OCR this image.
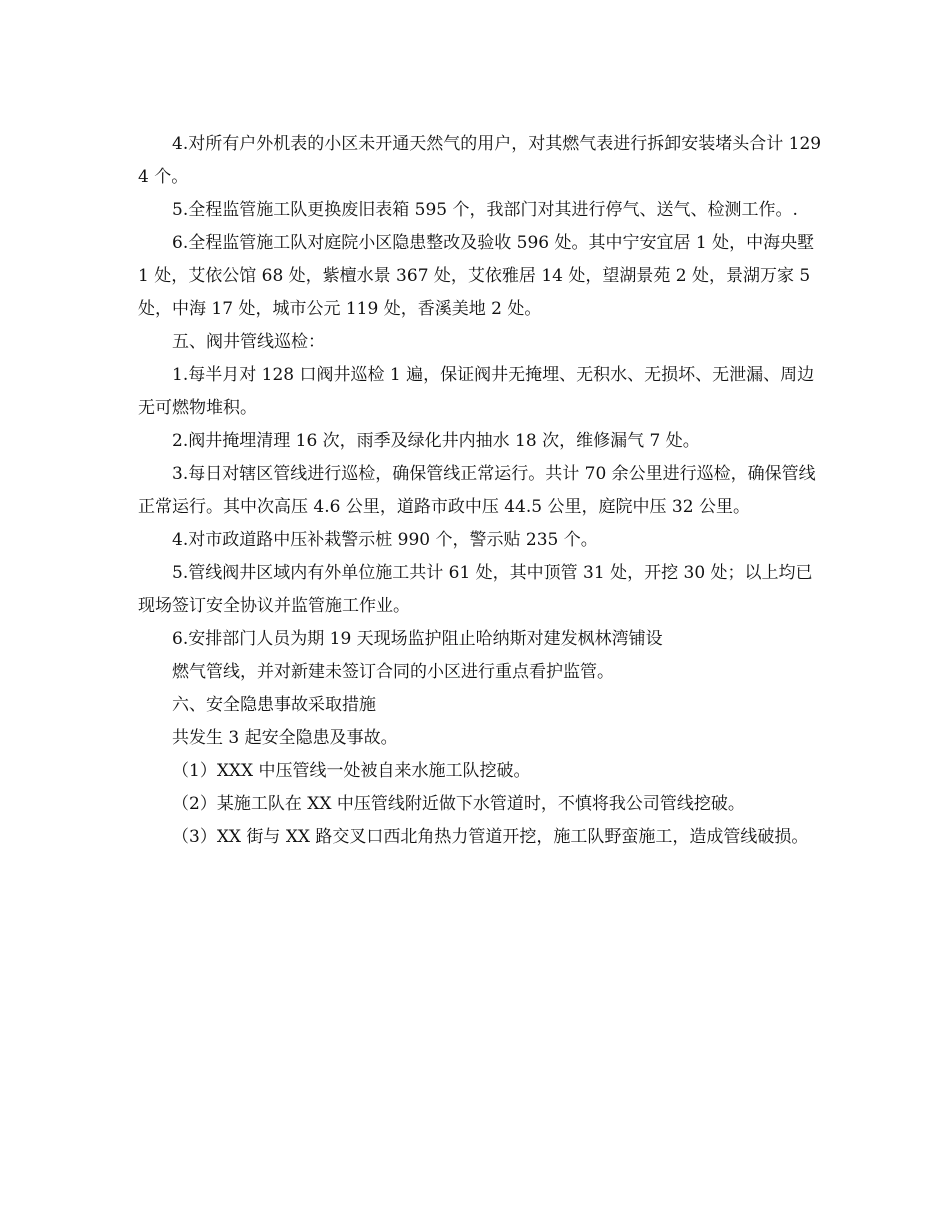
4.对所有户外机表的小区未开通天然气的用户，对其燃气表进行拆卸安装堵头合计 1294 个。

5.全程监管施工队更换废旧表箱 595 个，我部门对其进行停气、送气、检测工作。.

6.全程监管施工队对庭院小区隐患整改及验收 596 处。其中宁安宜居 1 处，中海央墅 1 处，艾依公馆 68 处，紫檀水景 367 处，艾依雅居 14 处，望湖景苑 2 处，景湖万家 5 处，中海 17 处，城市公元 119 处，香溪美地 2 处。

五、阀井管线巡检：

1.每半月对 128 口阀井巡检 1 遍，保证阀井无掩埋、无积水、无损坏、无泄漏、周边无可燃物堆积。

2.阀井掩埋清理 16 次，雨季及绿化井内抽水 18 次，维修漏气 7 处。

3.每日对辖区管线进行巡检，确保管线正常运行。共计 70 余公里进行巡检，确保管线正常运行。其中次高压 4.6 公里，道路市政中压 44.5 公里，庭院中压 32 公里。

4.对市政道路中压补栽警示桩 990 个，警示贴 235 个。

5.管线阀井区域内有外单位施工共计 61 处，其中顶管 31 处，开挖 30 处；以上均已现场签订安全协议并监管施工作业。

6.安排部门人员为期 19 天现场监护阻止哈纳斯对建发枫林湾铺设

燃气管线，并对新建未签订合同的小区进行重点看护监管。

六、安全隐患事故采取措施

共发生 3 起安全隐患及事故。

（1）XXX 中压管线一处被自来水施工队挖破。

（2）某施工队在 XX 中压管线附近做下水管道时，不慎将我公司管线挖破。

（3）XX 街与 XX 路交叉口西北角热力管道开挖，施工队野蛮施工，造成管线破损。
